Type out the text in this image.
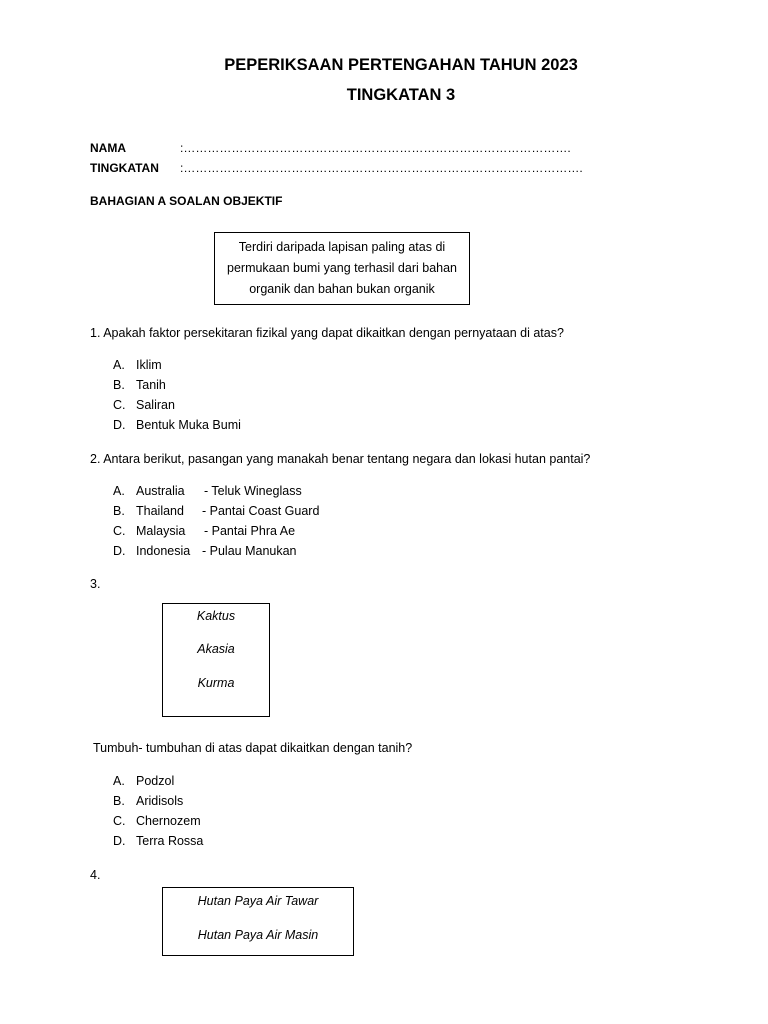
PEPERIKSAAN PERTENGAHAN TAHUN 2023
TINGKATAN 3
NAMA	:…………………………………………………………………………………….
TINGKATAN :……………………………………………………………………………………….
BAHAGIAN A SOALAN OBJEKTIF
Terdiri daripada lapisan paling atas di
permukaan bumi yang terhasil dari bahan
organik dan bahan bukan organik
1. Apakah faktor persekitaran fizikal yang dapat dikaitkan dengan pernyataan di atas?
A. Iklim
B. Tanih
C. Saliran
D. Bentuk Muka Bumi
2. Antara berikut, pasangan yang manakah benar tentang negara dan lokasi hutan pantai?
A. Australia - Teluk Wineglass
B. Thailand - Pantai Coast Guard
C. Malaysia - Pantai Phra Ae
D. Indonesia - Pulau Manukan
3.
Kaktus
Akasia
Kurma
Tumbuh- tumbuhan di atas dapat dikaitkan dengan tanih?
A. Podzol
B. Aridisols
C. Chernozem
D. Terra Rossa
4.
Hutan Paya Air Tawar
Hutan Paya Air Masin
